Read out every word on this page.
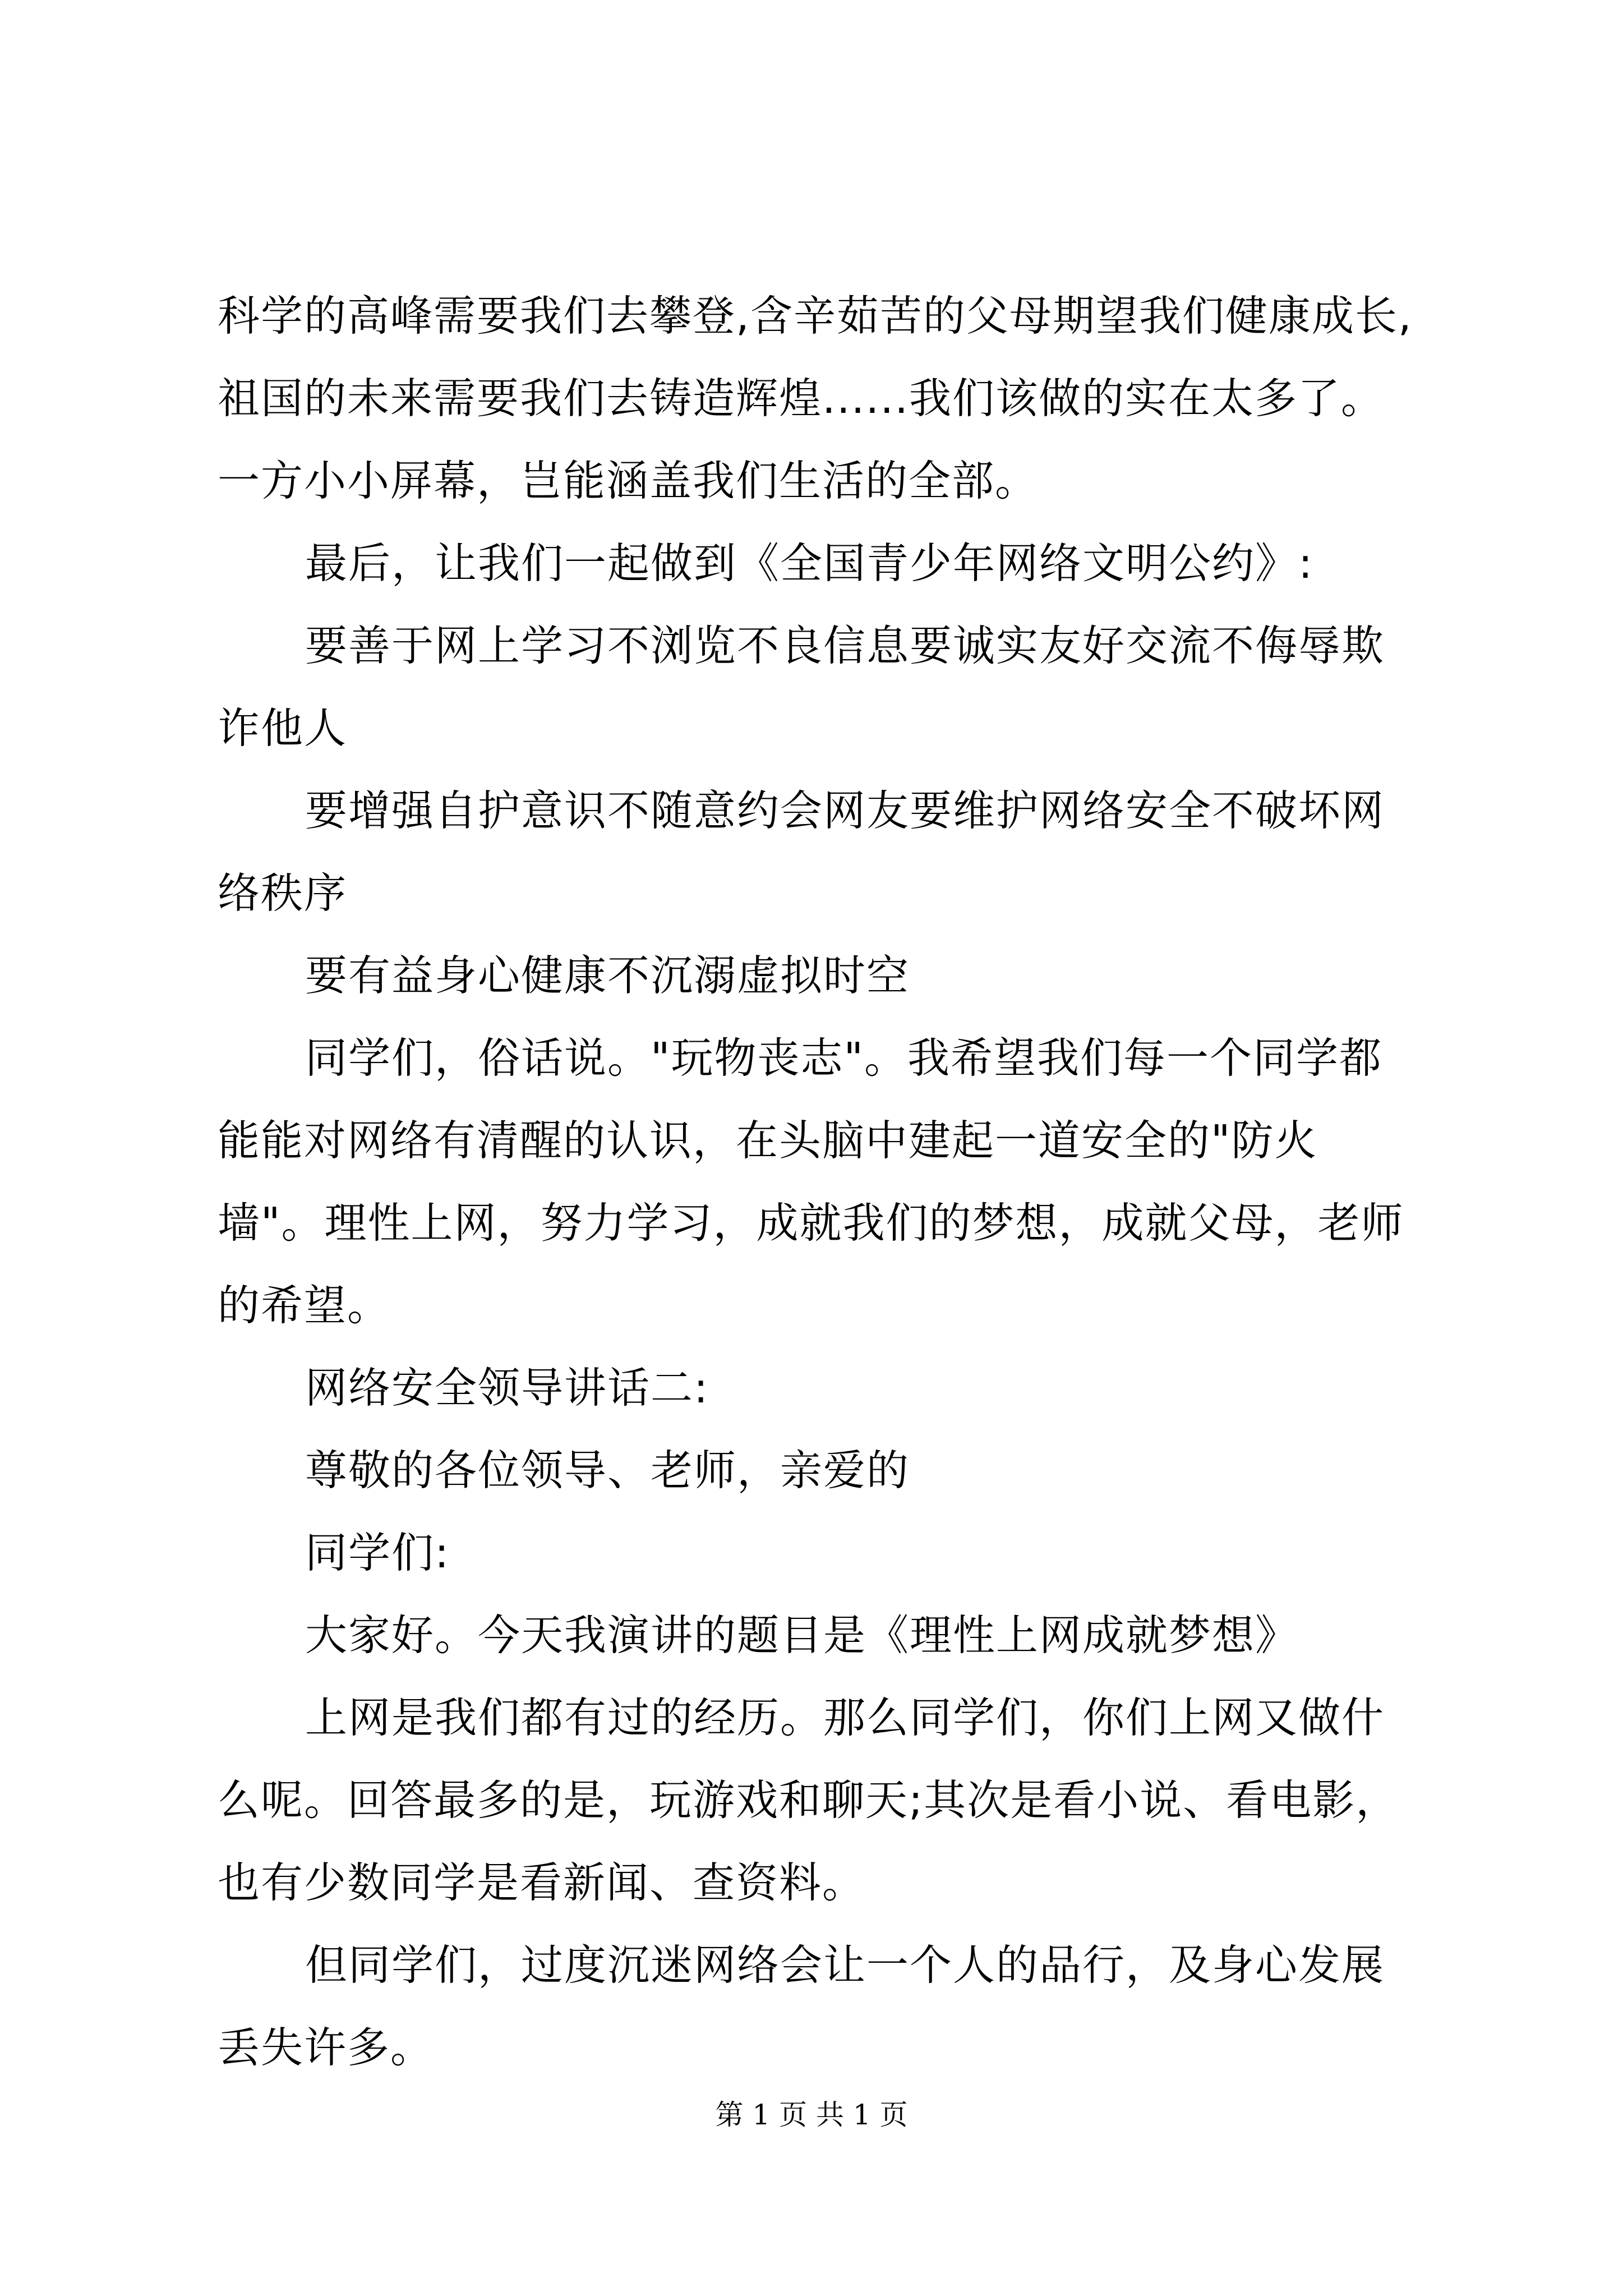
科学的高峰需要我们去攀登,含辛茹苦的父母期望我们健康成长,祖国的未来需要我们去铸造辉煌......我们该做的实在太多了。一方小小屏幕，岂能涵盖我们生活的全部。

最后，让我们一起做到《全国青少年网络文明公约》:

要善于网上学习不浏览不良信息要诚实友好交流不侮辱欺诈他人

要增强自护意识不随意约会网友要维护网络安全不破坏网络秩序

要有益身心健康不沉溺虚拟时空

同学们，俗话说。"玩物丧志"。我希望我们每一个同学都能能对网络有清醒的认识，在头脑中建起一道安全的"防火墙"。理性上网，努力学习，成就我们的梦想，成就父母，老师的希望。

网络安全领导讲话二:

尊敬的各位领导、老师，亲爱的

同学们:

大家好。今天我演讲的题目是《理性上网成就梦想》

上网是我们都有过的经历。那么同学们，你们上网又做什么呢。回答最多的是，玩游戏和聊天;其次是看小说、看电影，也有少数同学是看新闻、查资料。

但同学们，过度沉迷网络会让一个人的品行，及身心发展丢失许多。

第 1 页 共 1 页
